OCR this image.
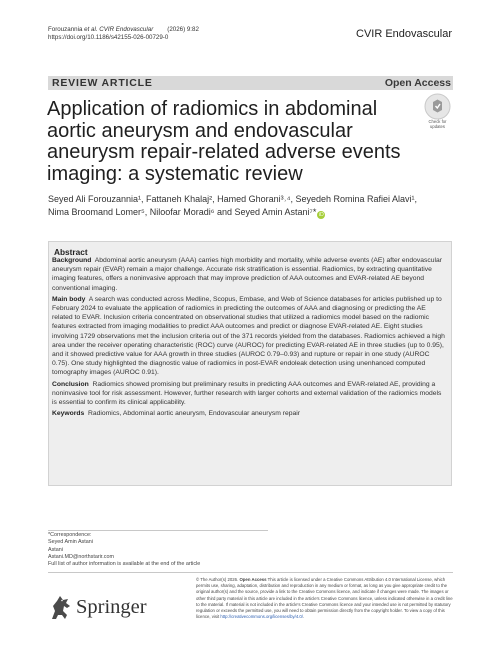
Forouzannia et al. CVIR Endovascular (2026) 9:82
https://doi.org/10.1186/s42155-026-00729-0	CVIR Endovascular
REVIEW ARTICLE	Open Access
Application of radiomics in abdominal aortic aneurysm and endovascular aneurysm repair-related adverse events imaging: a systematic review
Check for
updates
Seyed Ali Forouzannia¹, Fattaneh Khalaj², Hamed Ghorani³˒⁴, Seyedeh Romina Rafiei Alavi¹,
Nima Broomand Lomer⁵, Niloofar Moradi⁶ and Seyed Amin Astani⁷* iD
Abstract

Background Abdominal aortic aneurysm (AAA) carries high morbidity and mortality, while adverse events (AE) after endovascular aneurysm repair (EVAR) remain a major challenge. Accurate risk stratification is essential. Radiomics, by extracting quantitative imaging features, offers a noninvasive approach that may improve prediction of AAA outcomes and EVAR-related AE beyond conventional imaging.

Main body A search was conducted across Medline, Scopus, Embase, and Web of Science databases for articles published up to February 2024 to evaluate the application of radiomics in predicting the outcomes of AAA and diagnosing or predicting the AE related to EVAR. Inclusion criteria concentrated on observational studies that utilized a radiomics model based on the radiomic features extracted from imaging modalities to predict AAA outcomes and predict or diagnose EVAR-related AE. Eight studies involving 1729 observations met the inclusion criteria out of the 371 records yielded from the databases. Radiomics achieved a high area under the receiver operating characteristic (ROC) curve (AUROC) for predicting EVAR-related AE in three studies (up to 0.95), and it showed predictive value for AAA growth in three studies (AUROC 0.79–0.93) and rupture or repair in one study (AUROC 0.75). One study highlighted the diagnostic value of radiomics in post-EVAR endoleak detection using unenhanced computed tomography images (AUROC 0.91).

Conclusion Radiomics showed promising but preliminary results in predicting AAA outcomes and EVAR-related AE, providing a noninvasive tool for risk assessment. However, further research with larger cohorts and external validation of the radiomics models is essential to confirm its clinical applicability.

Keywords Radiomics, Abdominal aortic aneurysm, Endovascular aneurysm repair

*Correspondence:
Seyed Amin Astani
Astani
Astani.MD@northstarir.com
Full list of author information is available at the end of the article
Springer
© The Author(s) 2026. Open Access This article is licensed under a Creative Commons Attribution 4.0 International License, which permits use, sharing, adaptation, distribution and reproduction in any medium or format, as long as you give appropriate credit to the original author(s) and the source, provide a link to the Creative Commons licence, and indicate if changes were made. The images or other third party material in this article are included in the article's Creative Commons licence, unless indicated otherwise in a credit line to the material. If material is not included in the article's Creative Commons licence and your intended use is not permitted by statutory regulation or exceeds the permitted use, you will need to obtain permission directly from the copyright holder. To view a copy of this licence, visit http://creativecommons.org/licenses/by/4.0/.
